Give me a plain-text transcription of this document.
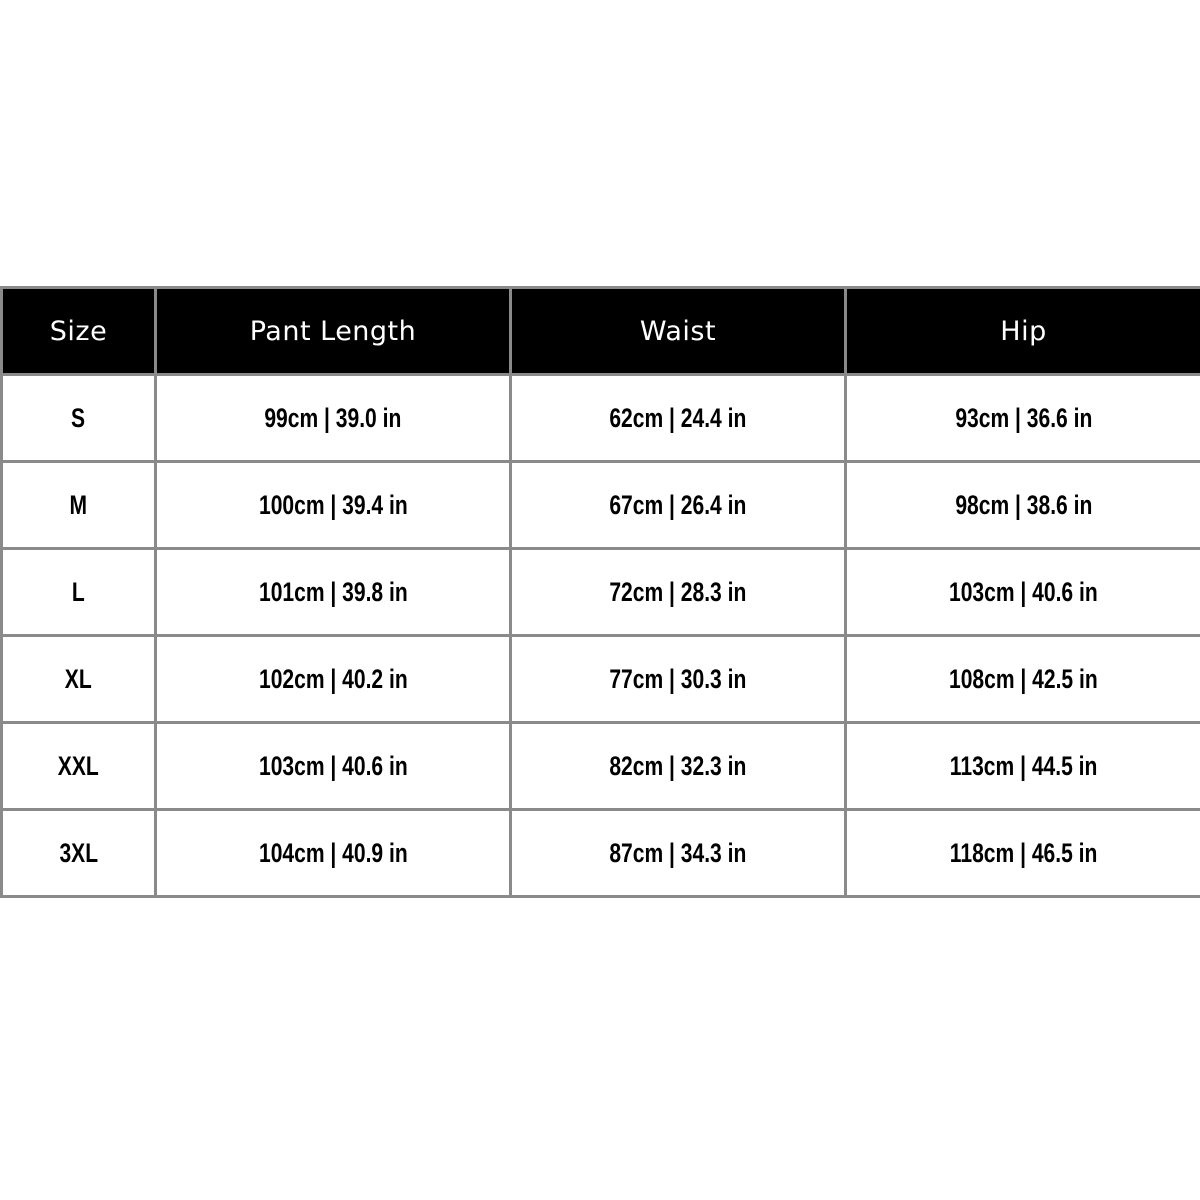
Size	Pant Length	Waist	Hip
S	99cm | 39.0 in	62cm | 24.4 in	93cm | 36.6 in
M	100cm | 39.4 in	67cm | 26.4 in	98cm | 38.6 in
L	101cm | 39.8 in	72cm | 28.3 in	103cm | 40.6 in
XL	102cm | 40.2 in	77cm | 30.3 in	108cm | 42.5 in
XXL	103cm | 40.6 in	82cm | 32.3 in	113cm | 44.5 in
3XL	104cm | 40.9 in	87cm | 34.3 in	118cm | 46.5 in
